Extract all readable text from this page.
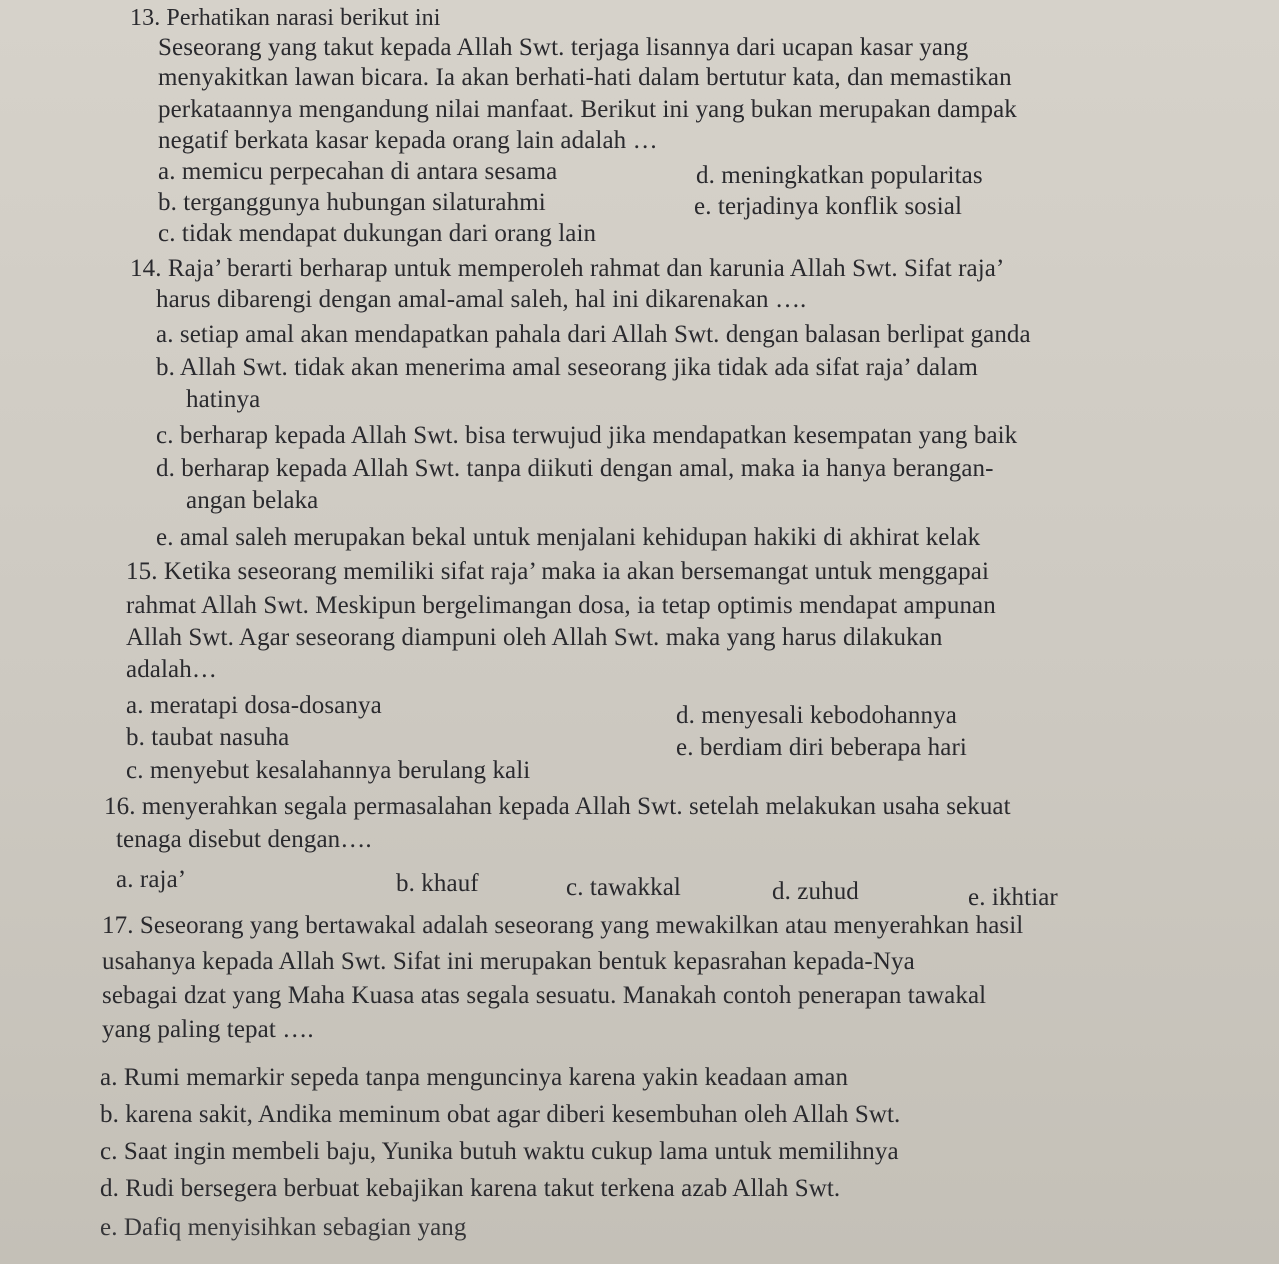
13. Perhatikan narasi berikut ini
Seseorang yang takut kepada Allah Swt. terjaga lisannya dari ucapan kasar yang
menyakitkan lawan bicara. Ia akan berhati-hati dalam bertutur kata, dan memastikan
perkataannya mengandung nilai manfaat. Berikut ini yang bukan merupakan dampak
negatif berkata kasar kepada orang lain adalah …
a. memicu perpecahan di antara sesama	d. meningkatkan popularitas
b. terganggunya hubungan silaturahmi	e. terjadinya konflik sosial
c. tidak mendapat dukungan dari orang lain
14. Raja’ berarti berharap untuk memperoleh rahmat dan karunia Allah Swt. Sifat raja’
harus dibarengi dengan amal-amal saleh, hal ini dikarenakan ….
a. setiap amal akan mendapatkan pahala dari Allah Swt. dengan balasan berlipat ganda
b. Allah Swt. tidak akan menerima amal seseorang jika tidak ada sifat raja’ dalam
hatinya
c. berharap kepada Allah Swt. bisa terwujud jika mendapatkan kesempatan yang baik
d. berharap kepada Allah Swt. tanpa diikuti dengan amal, maka ia hanya berangan-
angan belaka
e. amal saleh merupakan bekal untuk menjalani kehidupan hakiki di akhirat kelak
15. Ketika seseorang memiliki sifat raja’ maka ia akan bersemangat untuk menggapai
rahmat Allah Swt. Meskipun bergelimangan dosa, ia tetap optimis mendapat ampunan
Allah Swt. Agar seseorang diampuni oleh Allah Swt. maka yang harus dilakukan
adalah…
a. meratapi dosa-dosanya	d. menyesali kebodohannya
b. taubat nasuha	e. berdiam diri beberapa hari
c. menyebut kesalahannya berulang kali
16. menyerahkan segala permasalahan kepada Allah Swt. setelah melakukan usaha sekuat
tenaga disebut dengan….
a. raja’	b. khauf	c. tawakkal	d. zuhud	e. ikhtiar
17. Seseorang yang bertawakal adalah seseorang yang mewakilkan atau menyerahkan hasil
usahanya kepada Allah Swt. Sifat ini merupakan bentuk kepasrahan kepada-Nya
sebagai dzat yang Maha Kuasa atas segala sesuatu. Manakah contoh penerapan tawakal
yang paling tepat ….
a. Rumi memarkir sepeda tanpa menguncinya karena yakin keadaan aman
b. karena sakit, Andika meminum obat agar diberi kesembuhan oleh Allah Swt.
c. Saat ingin membeli baju, Yunika butuh waktu cukup lama untuk memilihnya
d. Rudi bersegera berbuat kebajikan karena takut terkena azab Allah Swt.
e. Dafiq menyisihkan sebagian yang
